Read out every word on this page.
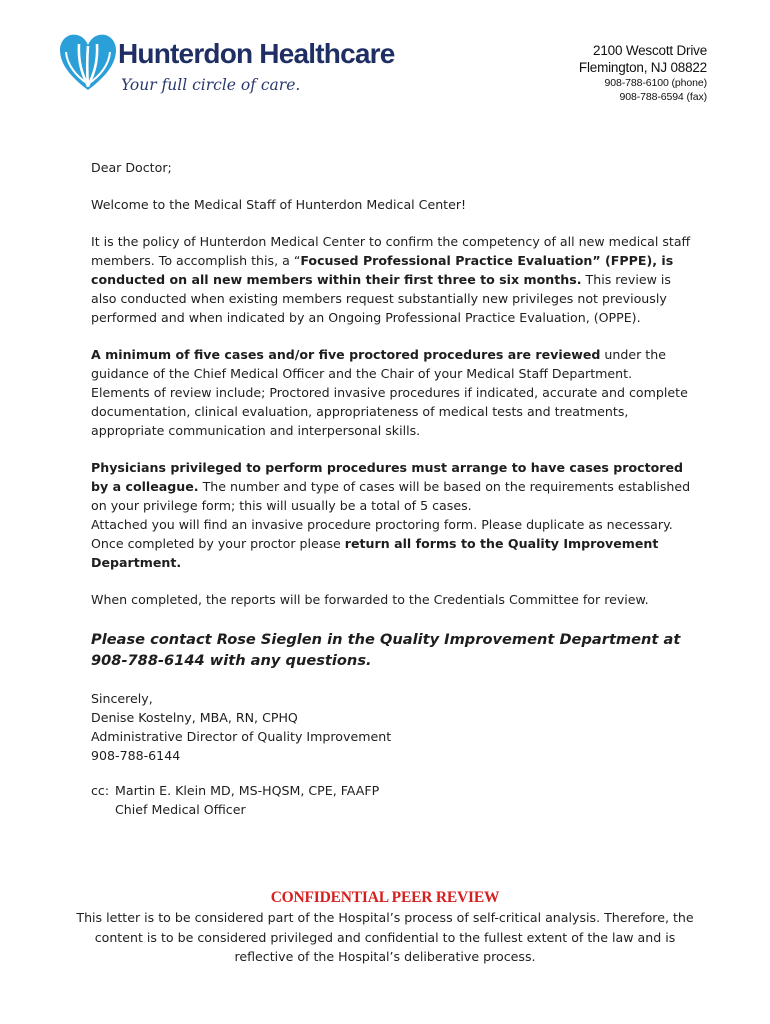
Hunterdon Healthcare
Your full circle of care.
2100 Wescott Drive
Flemington, NJ 08822
908-788-6100 (phone)
908-788-6594 (fax)

Dear Doctor;

Welcome to the Medical Staff of Hunterdon Medical Center!

It is the policy of Hunterdon Medical Center to confirm the competency of all new medical staff members. To accomplish this, a “Focused Professional Practice Evaluation” (FPPE), is conducted on all new members within their first three to six months. This review is also conducted when existing members request substantially new privileges not previously performed and when indicated by an Ongoing Professional Practice Evaluation, (OPPE).

A minimum of five cases and/or five proctored procedures are reviewed under the guidance of the Chief Medical Officer and the Chair of your Medical Staff Department. Elements of review include; Proctored invasive procedures if indicated, accurate and complete documentation, clinical evaluation, appropriateness of medical tests and treatments, appropriate communication and interpersonal skills.

Physicians privileged to perform procedures must arrange to have cases proctored by a colleague. The number and type of cases will be based on the requirements established on your privilege form; this will usually be a total of 5 cases.
Attached you will find an invasive procedure proctoring form. Please duplicate as necessary. Once completed by your proctor please return all forms to the Quality Improvement Department.

When completed, the reports will be forwarded to the Credentials Committee for review.

Please contact Rose Sieglen in the Quality Improvement Department at 908-788-6144 with any questions.

Sincerely,

Denise Kostelny, MBA, RN, CPHQ

Administrative Director of Quality Improvement

908-788-6144

cc: Martin E. Klein MD, MS-HQSM, CPE, FAAFP
Chief Medical Officer
CONFIDENTIAL PEER REVIEW
This letter is to be considered part of the Hospital’s process of self-critical analysis. Therefore, the content is to be considered privileged and confidential to the fullest extent of the law and is reflective of the Hospital’s deliberative process.
